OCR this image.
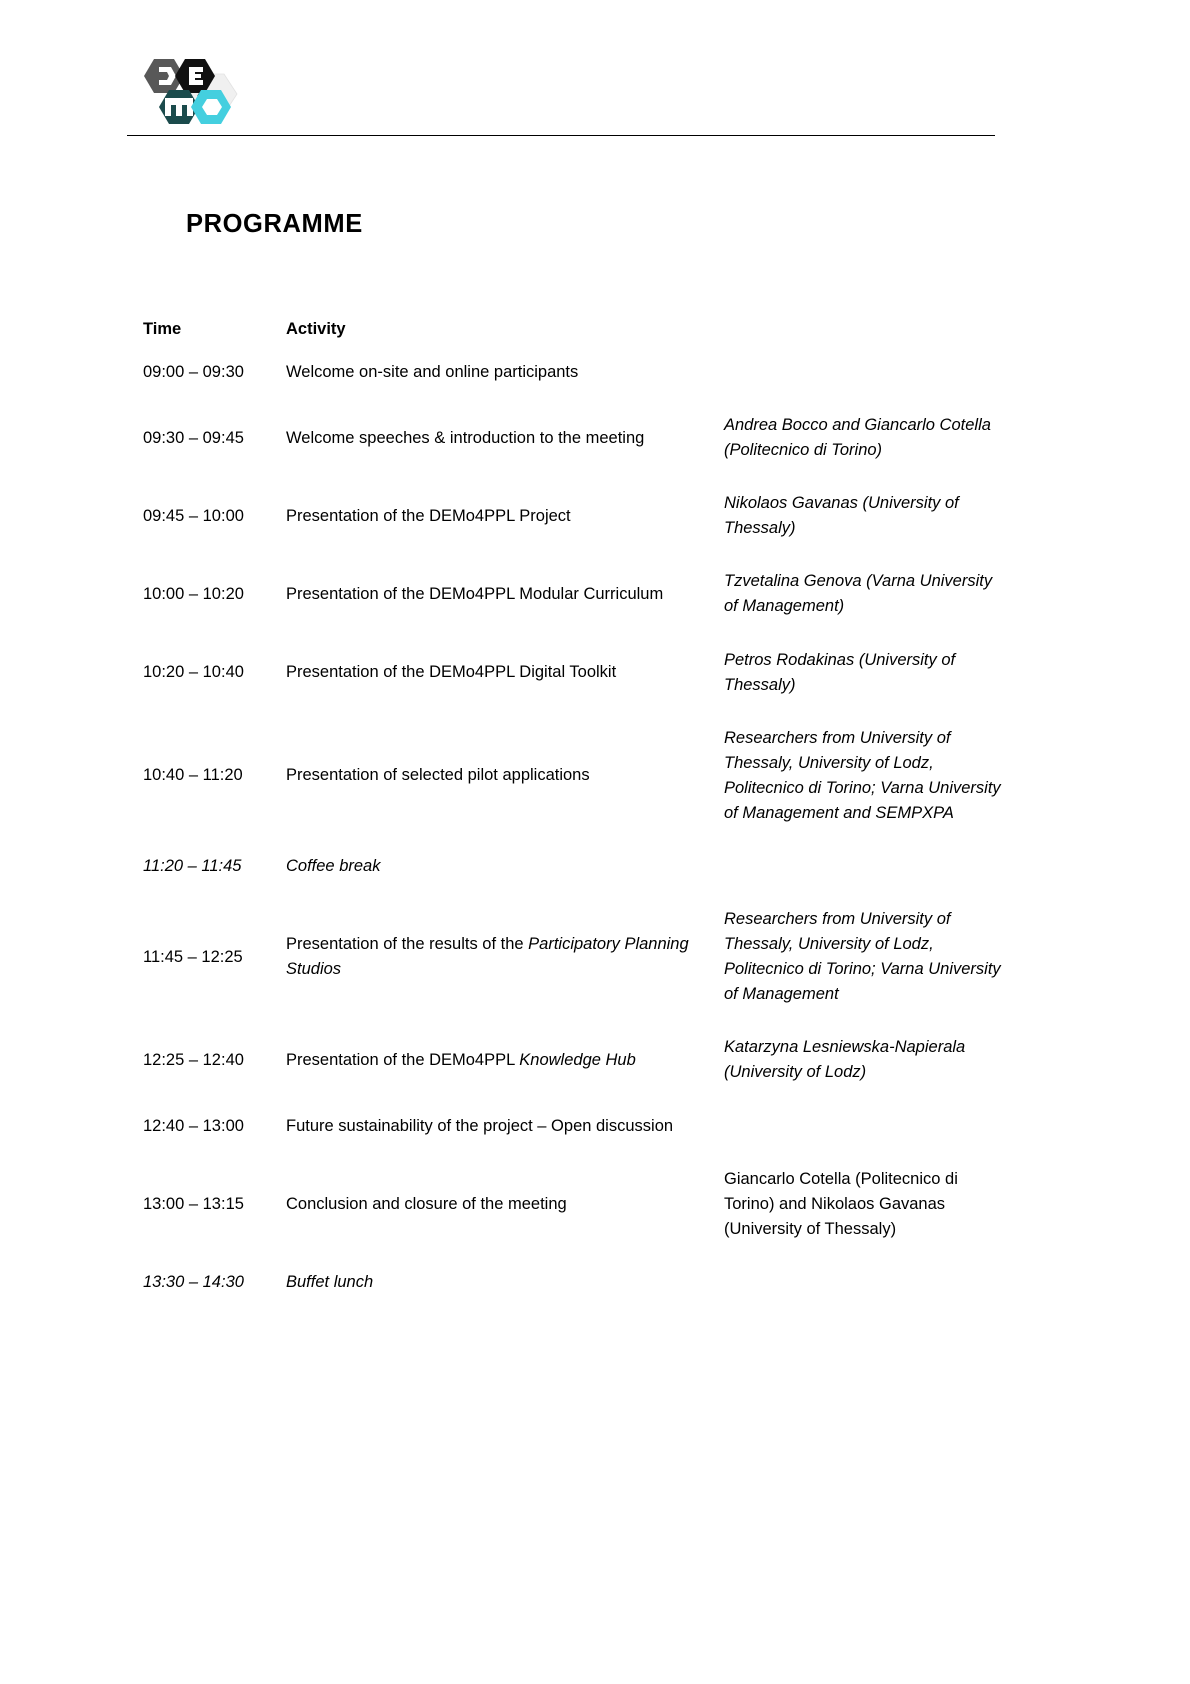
PROGRAMME
Time	Activity	
09:00 – 09:30	Welcome on-site and online participants	
09:30 – 09:45	Welcome speeches & introduction to the meeting	Andrea Bocco and Giancarlo Cotella (Politecnico di Torino)
09:45 – 10:00	Presentation of the DEMo4PPL Project	Nikolaos Gavanas (University of Thessaly)
10:00 – 10:20	Presentation of the DEMo4PPL Modular Curriculum	Tzvetalina Genova (Varna University of Management)
10:20 – 10:40	Presentation of the DEMo4PPL Digital Toolkit	Petros Rodakinas (University of Thessaly)
10:40 – 11:20	Presentation of selected pilot applications	Researchers from University of Thessaly, University of Lodz, Politecnico di Torino; Varna University of Management and SEMPXPA
11:20 – 11:45	Coffee break	
11:45 – 12:25	Presentation of the results of the Participatory Planning Studios	Researchers from University of Thessaly, University of Lodz, Politecnico di Torino; Varna University of Management
12:25 – 12:40	Presentation of the DEMo4PPL Knowledge Hub	Katarzyna Lesniewska-Napierala (University of Lodz)
12:40 – 13:00	Future sustainability of the project – Open discussion	
13:00 – 13:15	Conclusion and closure of the meeting	Giancarlo Cotella (Politecnico di Torino) and Nikolaos Gavanas (University of Thessaly)
13:30 – 14:30	Buffet lunch	
